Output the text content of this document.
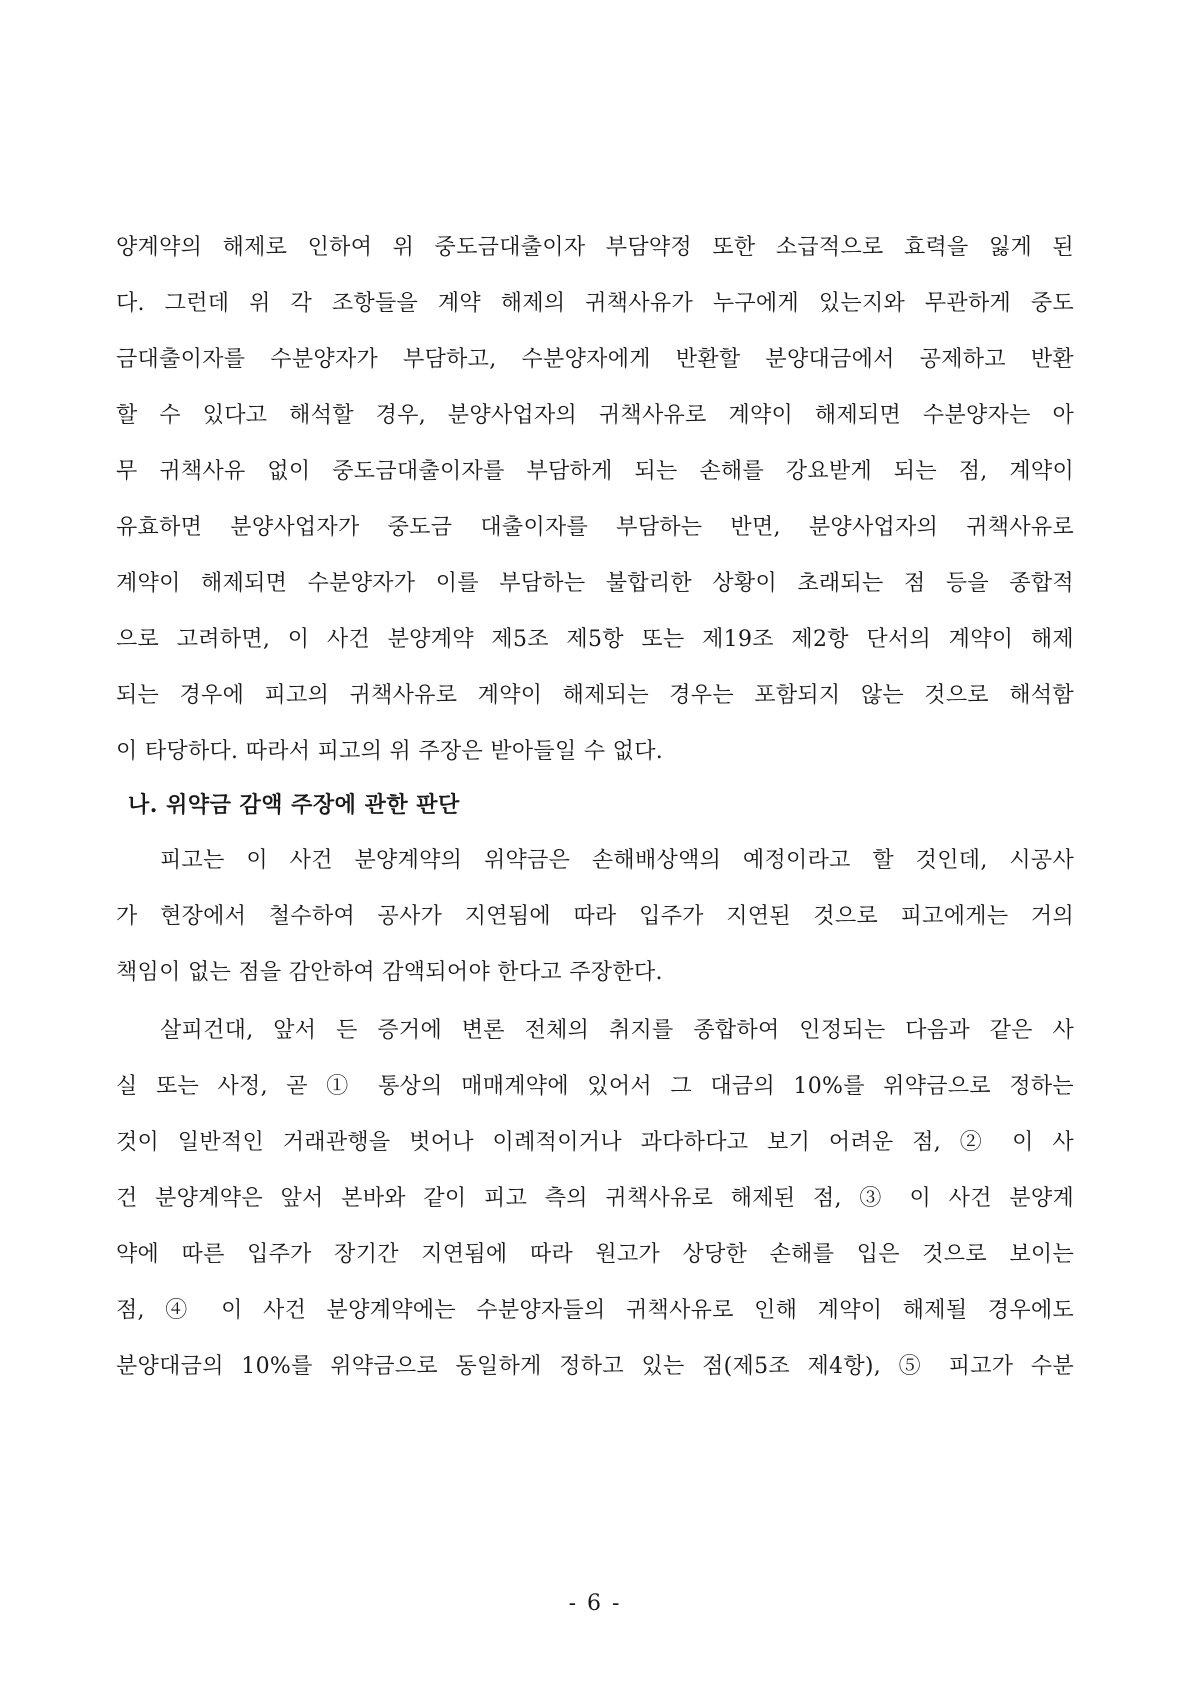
양계약의 해제로 인하여 위 중도금대출이자 부담약정 또한 소급적으로 효력을 잃게 된
다. 그런데 위 각 조항들을 계약 해제의 귀책사유가 누구에게 있는지와 무관하게 중도
금대출이자를 수분양자가 부담하고, 수분양자에게 반환할 분양대금에서 공제하고 반환
할 수 있다고 해석할 경우, 분양사업자의 귀책사유로 계약이 해제되면 수분양자는 아
무 귀책사유 없이 중도금대출이자를 부담하게 되는 손해를 강요받게 되는 점, 계약이
유효하면 분양사업자가 중도금 대출이자를 부담하는 반면, 분양사업자의 귀책사유로
계약이 해제되면 수분양자가 이를 부담하는 불합리한 상황이 초래되는 점 등을 종합적
으로 고려하면, 이 사건 분양계약 제5조 제5항 또는 제19조 제2항 단서의 계약이 해제
되는 경우에 피고의 귀책사유로 계약이 해제되는 경우는 포함되지 않는 것으로 해석함
이 타당하다. 따라서 피고의 위 주장은 받아들일 수 없다.
나. 위약금 감액 주장에 관한 판단
피고는 이 사건 분양계약의 위약금은 손해배상액의 예정이라고 할 것인데, 시공사
가 현장에서 철수하여 공사가 지연됨에 따라 입주가 지연된 것으로 피고에게는 거의
책임이 없는 점을 감안하여 감액되어야 한다고 주장한다.
살피건대, 앞서 든 증거에 변론 전체의 취지를 종합하여 인정되는 다음과 같은 사
실 또는 사정, 곧 ① 통상의 매매계약에 있어서 그 대금의 10%를 위약금으로 정하는
것이 일반적인 거래관행을 벗어나 이례적이거나 과다하다고 보기 어려운 점, ② 이 사
건 분양계약은 앞서 본바와 같이 피고 측의 귀책사유로 해제된 점, ③ 이 사건 분양계
약에 따른 입주가 장기간 지연됨에 따라 원고가 상당한 손해를 입은 것으로 보이는
점, ④ 이 사건 분양계약에는 수분양자들의 귀책사유로 인해 계약이 해제될 경우에도
분양대금의 10%를 위약금으로 동일하게 정하고 있는 점(제5조 제4항), ⑤ 피고가 수분
- 6 -
